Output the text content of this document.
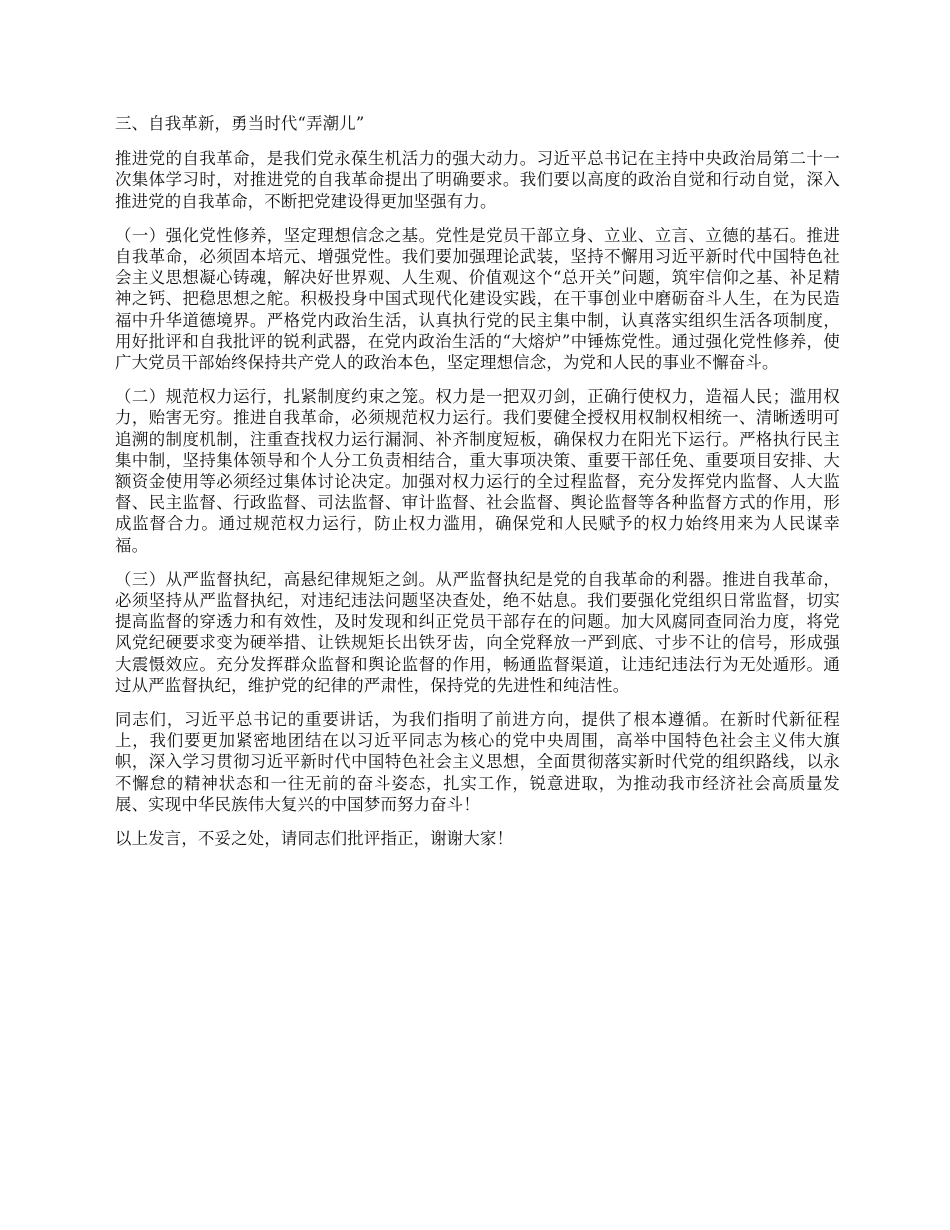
三、自我革新，勇当时代“弄潮儿”

推进党的自我革命，是我们党永葆生机活力的强大动力。习近平总书记在主持中央政治局第二十一次集体学习时，对推进党的自我革命提出了明确要求。我们要以高度的政治自觉和行动自觉，深入推进党的自我革命，不断把党建设得更加坚强有力。

（一）强化党性修养，坚定理想信念之基。党性是党员干部立身、立业、立言、立德的基石。推进自我革命，必须固本培元、增强党性。我们要加强理论武装，坚持不懈用习近平新时代中国特色社会主义思想凝心铸魂，解决好世界观、人生观、价值观这个“总开关”问题，筑牢信仰之基、补足精神之钙、把稳思想之舵。积极投身中国式现代化建设实践，在干事创业中磨砺奋斗人生，在为民造福中升华道德境界。严格党内政治生活，认真执行党的民主集中制，认真落实组织生活各项制度，用好批评和自我批评的锐利武器，在党内政治生活的“大熔炉”中锤炼党性。通过强化党性修养，使广大党员干部始终保持共产党人的政治本色，坚定理想信念，为党和人民的事业不懈奋斗。

（二）规范权力运行，扎紧制度约束之笼。权力是一把双刃剑，正确行使权力，造福人民；滥用权力，贻害无穷。推进自我革命，必须规范权力运行。我们要健全授权用权制权相统一、清晰透明可追溯的制度机制，注重查找权力运行漏洞、补齐制度短板，确保权力在阳光下运行。严格执行民主集中制，坚持集体领导和个人分工负责相结合，重大事项决策、重要干部任免、重要项目安排、大额资金使用等必须经过集体讨论决定。加强对权力运行的全过程监督，充分发挥党内监督、人大监督、民主监督、行政监督、司法监督、审计监督、社会监督、舆论监督等各种监督方式的作用，形成监督合力。通过规范权力运行，防止权力滥用，确保党和人民赋予的权力始终用来为人民谋幸福。

（三）从严监督执纪，高悬纪律规矩之剑。从严监督执纪是党的自我革命的利器。推进自我革命，必须坚持从严监督执纪，对违纪违法问题坚决查处，绝不姑息。我们要强化党组织日常监督，切实提高监督的穿透力和有效性，及时发现和纠正党员干部存在的问题。加大风腐同查同治力度，将党风党纪硬要求变为硬举措、让铁规矩长出铁牙齿，向全党释放一严到底、寸步不让的信号，形成强大震慑效应。充分发挥群众监督和舆论监督的作用，畅通监督渠道，让违纪违法行为无处遁形。通过从严监督执纪，维护党的纪律的严肃性，保持党的先进性和纯洁性。

同志们，习近平总书记的重要讲话，为我们指明了前进方向，提供了根本遵循。在新时代新征程上，我们要更加紧密地团结在以习近平同志为核心的党中央周围，高举中国特色社会主义伟大旗帜，深入学习贯彻习近平新时代中国特色社会主义思想，全面贯彻落实新时代党的组织路线，以永不懈怠的精神状态和一往无前的奋斗姿态，扎实工作，锐意进取，为推动我市经济社会高质量发展、实现中华民族伟大复兴的中国梦而努力奋斗！

以上发言，不妥之处，请同志们批评指正，谢谢大家！
